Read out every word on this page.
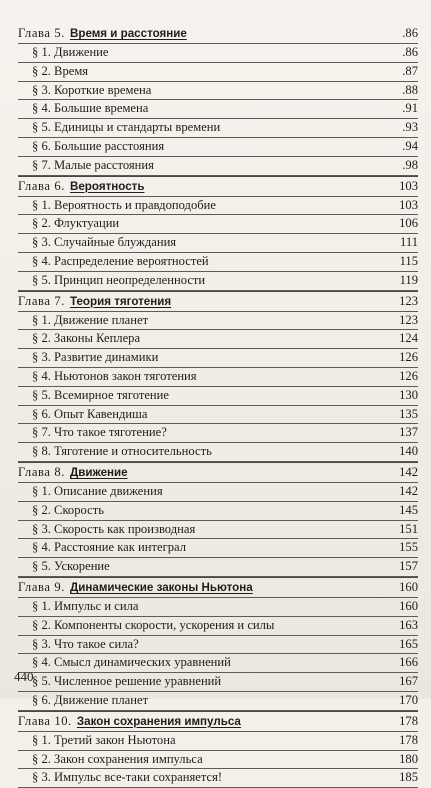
Глава 5. Время и расстояние	.86
§ 1. Движение	.86
§ 2. Время	.87
§ 3. Короткие времена	.88
§ 4. Большие времена	.91
§ 5. Единицы и стандарты времени	.93
§ 6. Большие расстояния	.94
§ 7. Малые расстояния	.98
Глава 6. Вероятность	103
§ 1. Вероятность и правдоподобие	103
§ 2. Флуктуации	106
§ 3. Случайные блуждания	111
§ 4. Распределение вероятностей	115
§ 5. Принцип неопределенности	119
Глава 7. Теория тяготения	123
§ 1. Движение планет	123
§ 2. Законы Кеплера	124
§ 3. Развитие динамики	126
§ 4. Ньютонов закон тяготения	126
§ 5. Всемирное тяготение	130
§ 6. Опыт Кавендиша	135
§ 7. Что такое тяготение?	137
§ 8. Тяготение и относительность	140
Глава 8. Движение	142
§ 1. Описание движения	142
§ 2. Скорость	145
§ 3. Скорость как производная	151
§ 4. Расстояние как интеграл	155
§ 5. Ускорение	157
Глава 9. Динамические законы Ньютона	160
§ 1. Импульс и сила	160
§ 2. Компоненты скорости, ускорения и силы	163
§ 3. Что такое сила?	165
§ 4. Смысл динамических уравнений	166
§ 5. Численное решение уравнений	167
§ 6. Движение планет	170
Глава 10. Закон сохранения импульса	178
§ 1. Третий закон Ньютона	178
§ 2. Закон сохранения импульса	180
§ 3. Импульс все-таки сохраняется!	185
440
